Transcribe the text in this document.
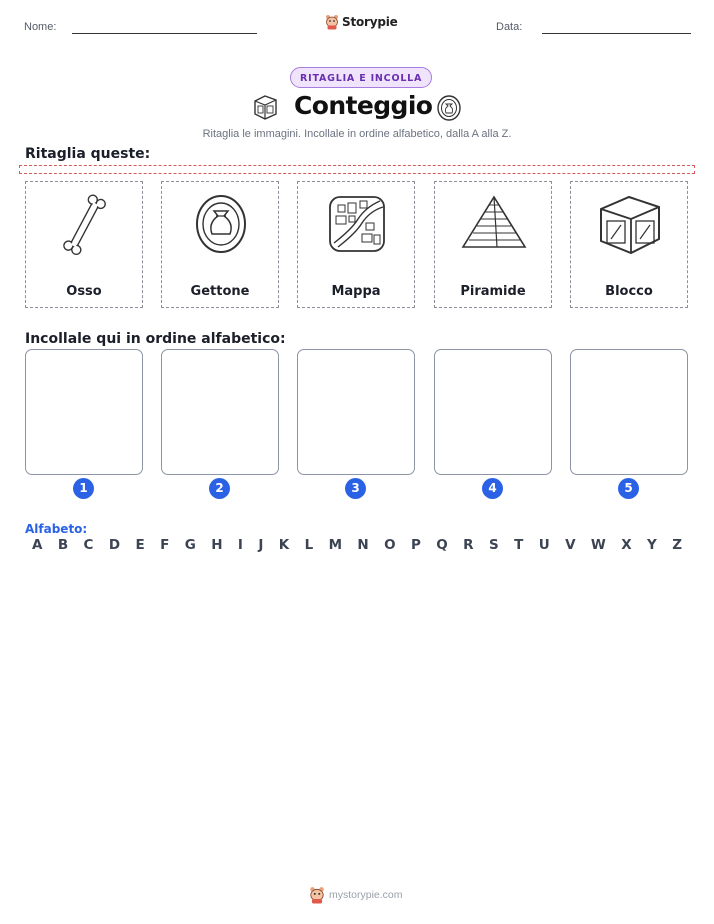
Nome:	Storypie	Data:
RITAGLIA E INCOLLA
Conteggio
Ritaglia le immagini. Incollale in ordine alfabetico, dalla A alla Z.
Ritaglia queste:
Osso	Gettone	Mappa	Piramide	Blocco
Incollale qui in ordine alfabetico:
1	2	3	4	5
Alfabeto:
A B C D E F G H I J K L M N O P Q R S T U V W X Y Z
mystorypie.com
